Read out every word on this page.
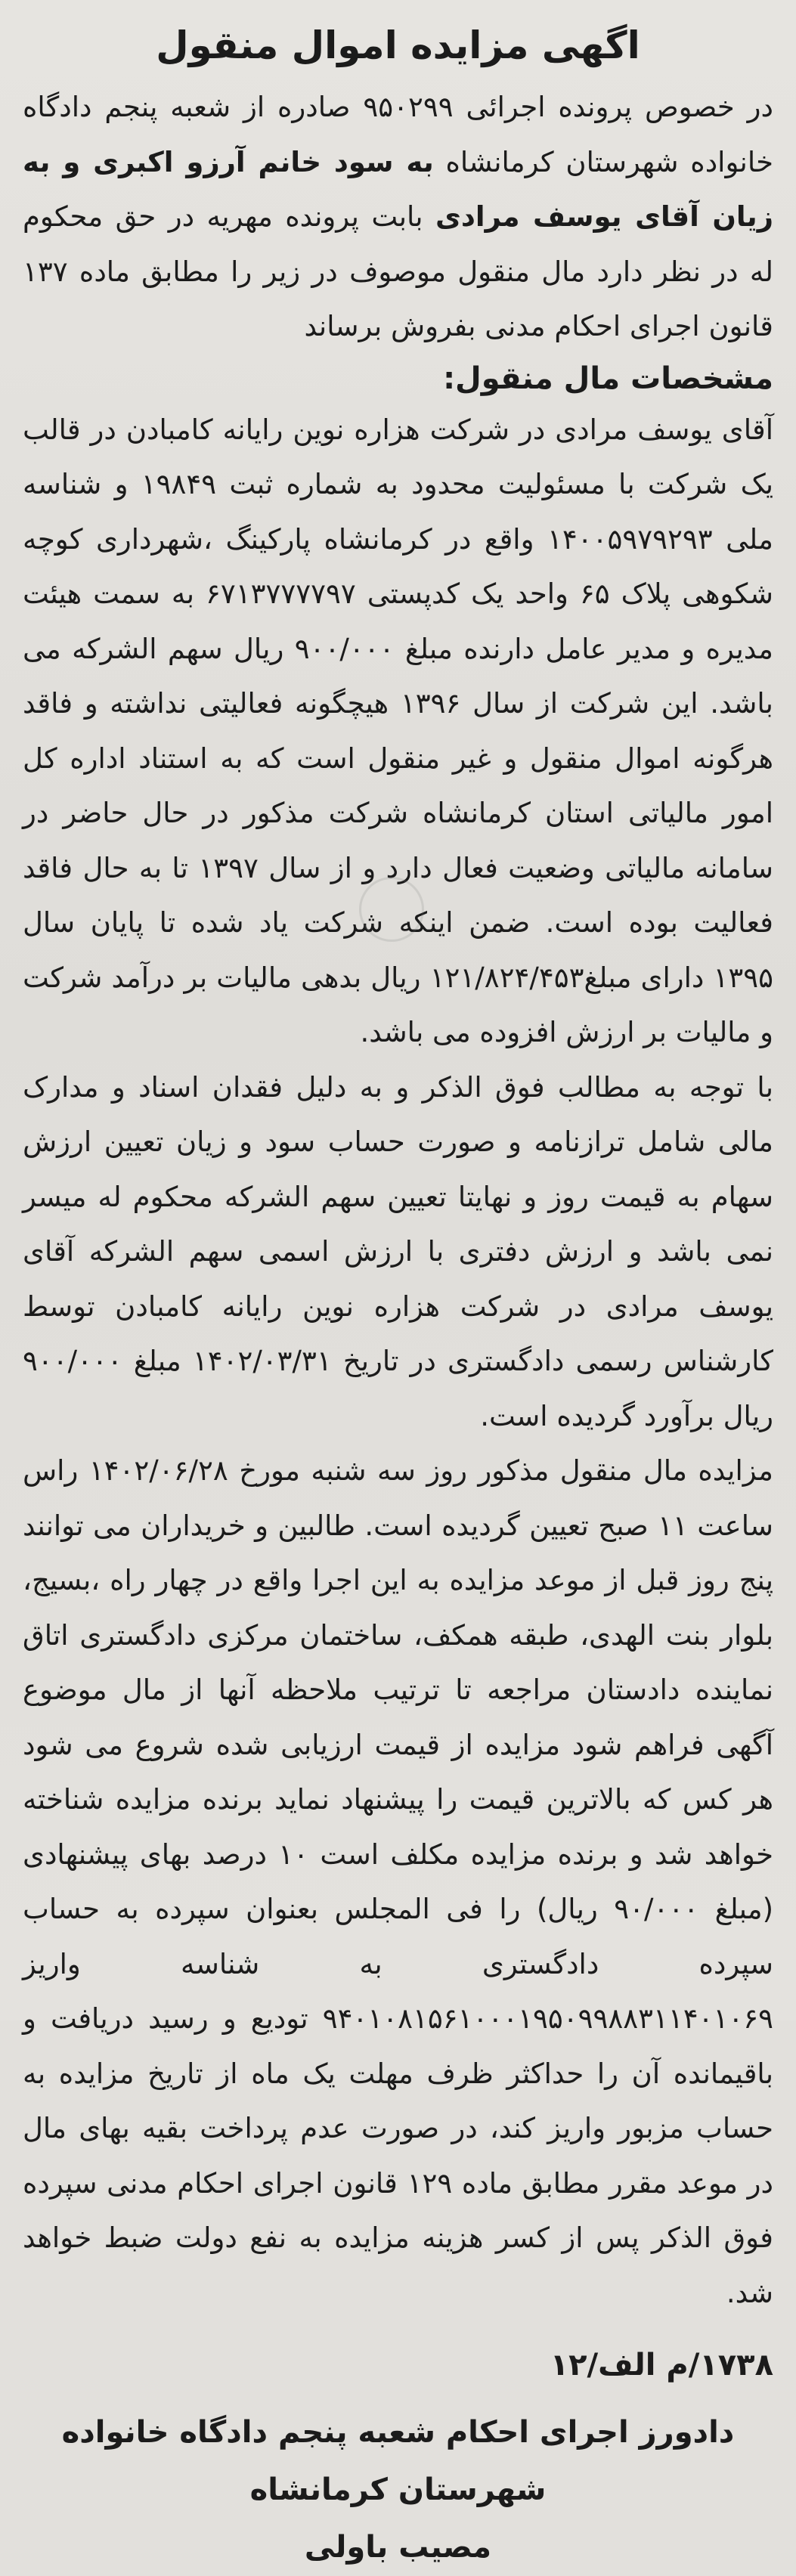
اگهی مزایده اموال منقول

در خصوص پرونده اجرائی ۹۵۰۲۹۹ صادره از شعبه پنجم دادگاه خانواده شهرستان کرمانشاه به سود خانم آرزو اکبری و به زیان آقای یوسف مرادی بابت پرونده مهریه در حق محکوم له در نظر دارد مال منقول موصوف در زیر را مطابق ماده ۱۳۷ قانون اجرای احکام مدنی بفروش برساند

مشخصات مال منقول:

آقای یوسف مرادی در شرکت هزاره نوین رایانه کامبادن در قالب یک شرکت با مسئولیت محدود به شماره ثبت ۱۹۸۴۹ و شناسه ملی ۱۴۰۰۵۹۷۹۲۹۳ واقع در کرمانشاه پارکینگ ،شهرداری کوچه شکوهی پلاک ۶۵ واحد یک کدپستی ۶۷۱۳۷۷۷۷۹۷ به سمت هیئت مدیره و مدیر عامل دارنده مبلغ ۹۰۰/۰۰۰ ریال سهم الشرکه می باشد. این شرکت از سال ۱۳۹۶ هیچگونه فعالیتی نداشته و فاقد هرگونه اموال منقول و غیر منقول است که به استناد اداره کل امور مالیاتی استان کرمانشاه شرکت مذکور در حال حاضر در سامانه مالیاتی وضعیت فعال دارد و از سال ۱۳۹۷ تا به حال فاقد فعالیت بوده است. ضمن اینکه شرکت یاد شده تا پایان سال ۱۳۹۵ دارای مبلغ۱۲۱/۸۲۴/۴۵۳ ریال بدهی مالیات بر درآمد شرکت و مالیات بر ارزش افزوده می باشد.

با توجه به مطالب فوق الذکر و به دلیل فقدان اسناد و مدارک مالی شامل ترازنامه و صورت حساب سود و زیان تعیین ارزش سهام به قیمت روز و نهایتا تعیین سهم الشرکه محکوم له میسر نمی باشد و ارزش دفتری با ارزش اسمی سهم الشرکه آقای یوسف مرادی در شرکت هزاره نوین رایانه کامبادن توسط کارشناس رسمی دادگستری در تاریخ ۱۴۰۲/۰۳/۳۱ مبلغ ۹۰۰/۰۰۰ ریال برآورد گردیده است.

مزایده مال منقول مذکور روز سه شنبه مورخ ۱۴۰۲/۰۶/۲۸ راس ساعت ۱۱ صبح تعیین گردیده است. طالبین و خریداران می توانند پنج روز قبل از موعد مزایده به این اجرا واقع در چهار راه ،بسیج، بلوار بنت الهدی، طبقه همکف، ساختمان مرکزی دادگستری اتاق نماینده دادستان مراجعه تا ترتیب ملاحظه آنها از مال موضوع آگهی فراهم شود مزایده از قیمت ارزیابی شده شروع می شود هر کس که بالاترین قیمت را پیشنهاد نماید برنده مزایده شناخته خواهد شد و برنده مزایده مکلف است ۱۰ درصد بهای پیشنهادی (مبلغ ۹۰/۰۰۰ ریال) را فی المجلس بعنوان سپرده به حساب سپرده دادگستری به شناسه واریز ۹۴۰۱۰۸۱۵۶۱۰۰۰۱۹۵۰۹۹۸۸۳۱۱۴۰۱۰۶۹ تودیع و رسید دریافت و باقیمانده آن را حداکثر ظرف مهلت یک ماه از تاریخ مزایده به حساب مزبور واریز کند، در صورت عدم پرداخت بقیه بهای مال در موعد مقرر مطابق ماده ۱۲۹ قانون اجرای احکام مدنی سپرده فوق الذکر پس از کسر هزینه مزایده به نفع دولت ضبط خواهد شد.

۱۷۳۸/م الف/۱۲

دادورز اجرای احکام شعبه پنجم دادگاه خانواده شهرستان کرمانشاه

مصیب باولی
